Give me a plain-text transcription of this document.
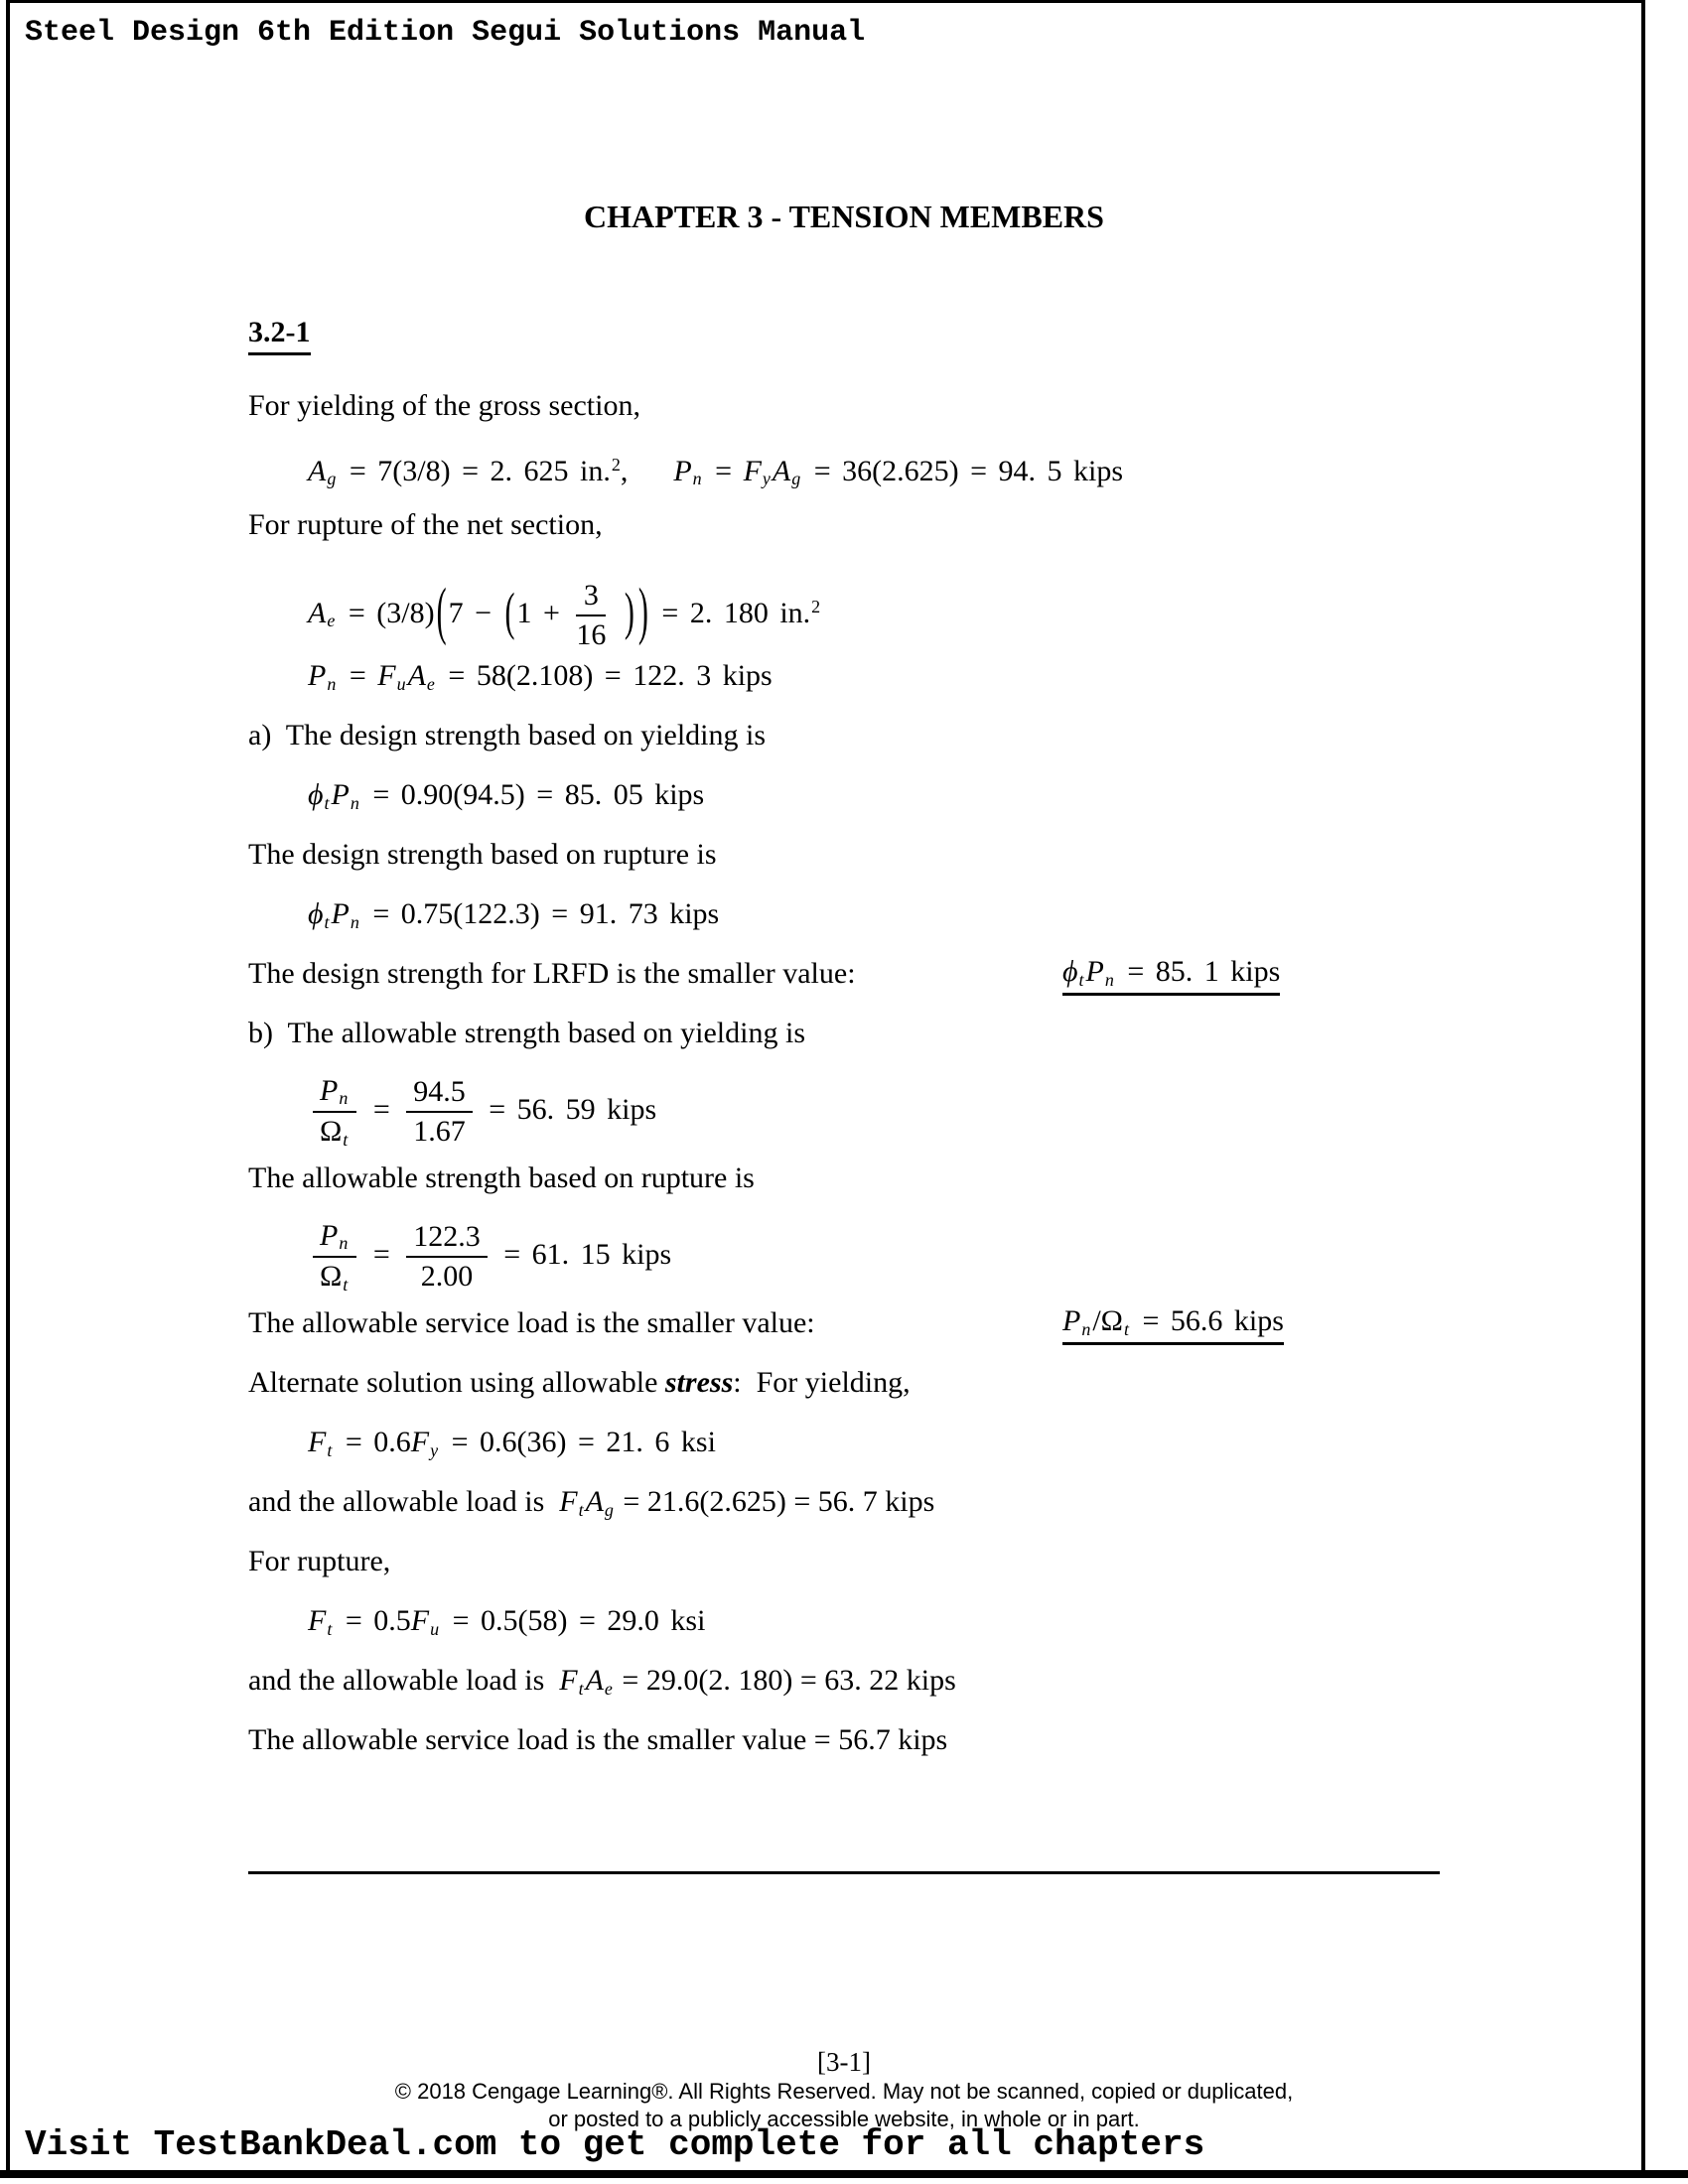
Steel Design 6th Edition Segui Solutions Manual
CHAPTER 3 - TENSION MEMBERS
3.2-1
For yielding of the gross section,
$A_g = 7(3/8) = 2$. 625 in.$^2$,    $P_n = F_yA_g = 36(2.625) = 94$. 5 kips
For rupture of the net section,
$A_e = (3/8)(7 - (1 + \frac{3}{16}$ ) ) = 2. 180 in.$^2$
$P_n = F_uA_e = 58(2.108) = 122$. 3 kips
a)  The design strength based on yielding is
$\phi_tP_n = 0.90(94.5) = 85$. 05 kips
The design strength based on rupture is
$\phi_tP_n = 0.75(122.3) = 91$. 73 kips
The design strength for LRFD is the smaller value:	$\phi_tP_n = 85$. 1 kips
b)  The allowable strength based on yielding is
$\frac{P_n}{\Omega_t} = \frac{94.5}{1.67} = 56$. 59 kips
The allowable strength based on rupture is
$\frac{P_n}{\Omega_t} = \frac{122.3}{2.00} = 61$. 15 kips
The allowable service load is the smaller value:	$P_n/\Omega_t = 56.6$ kips
Alternate solution using allowable stress:  For yielding,
$F_t = 0.6F_y = 0.6(36) = 21$. 6 ksi
and the allowable load is  $F_tA_g = 21.6(2.625) = 56$. 7 kips
For rupture,
$F_t = 0.5F_u = 0.5(58) = 29.0$ ksi
and the allowable load is  $F_tA_e = 29.0(2$. 180) = 63. 22 kips
The allowable service load is the smaller value = 56.7 kips
[3-1]
© 2018 Cengage Learning®. All Rights Reserved. May not be scanned, copied or duplicated,
or posted to a publicly accessible website, in whole or in part.
Visit TestBankDeal.com to get complete for all chapters
